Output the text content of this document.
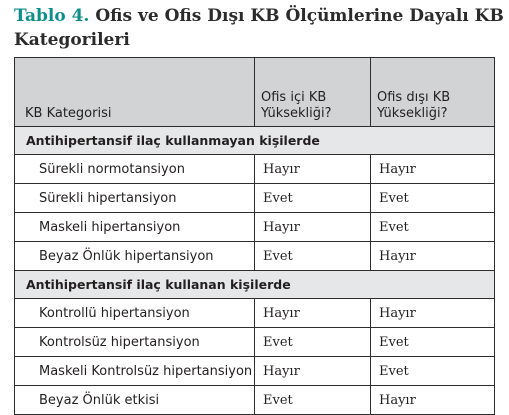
Tablo 4. Ofis ve Ofis Dışı KB Ölçümlerine Dayalı KB Kategorileri
KB Kategorisi	Ofis içi KB Yüksekliği?	Ofis dışı KB Yüksekliği?
Antihipertansif ilaç kullanmayan kişilerde		
Sürekli normotansiyon	Hayır	Hayır
Sürekli hipertansiyon	Evet	Evet
Maskeli hipertansiyon	Hayır	Evet
Beyaz Önlük hipertansiyon	Evet	Hayır
Antihipertansif ilaç kullanan kişilerde		
Kontrollü hipertansiyon	Hayır	Hayır
Kontrolsüz hipertansiyon	Evet	Evet
Maskeli Kontrolsüz hipertansiyon	Hayır	Evet
Beyaz Önlük etkisi	Evet	Hayır
